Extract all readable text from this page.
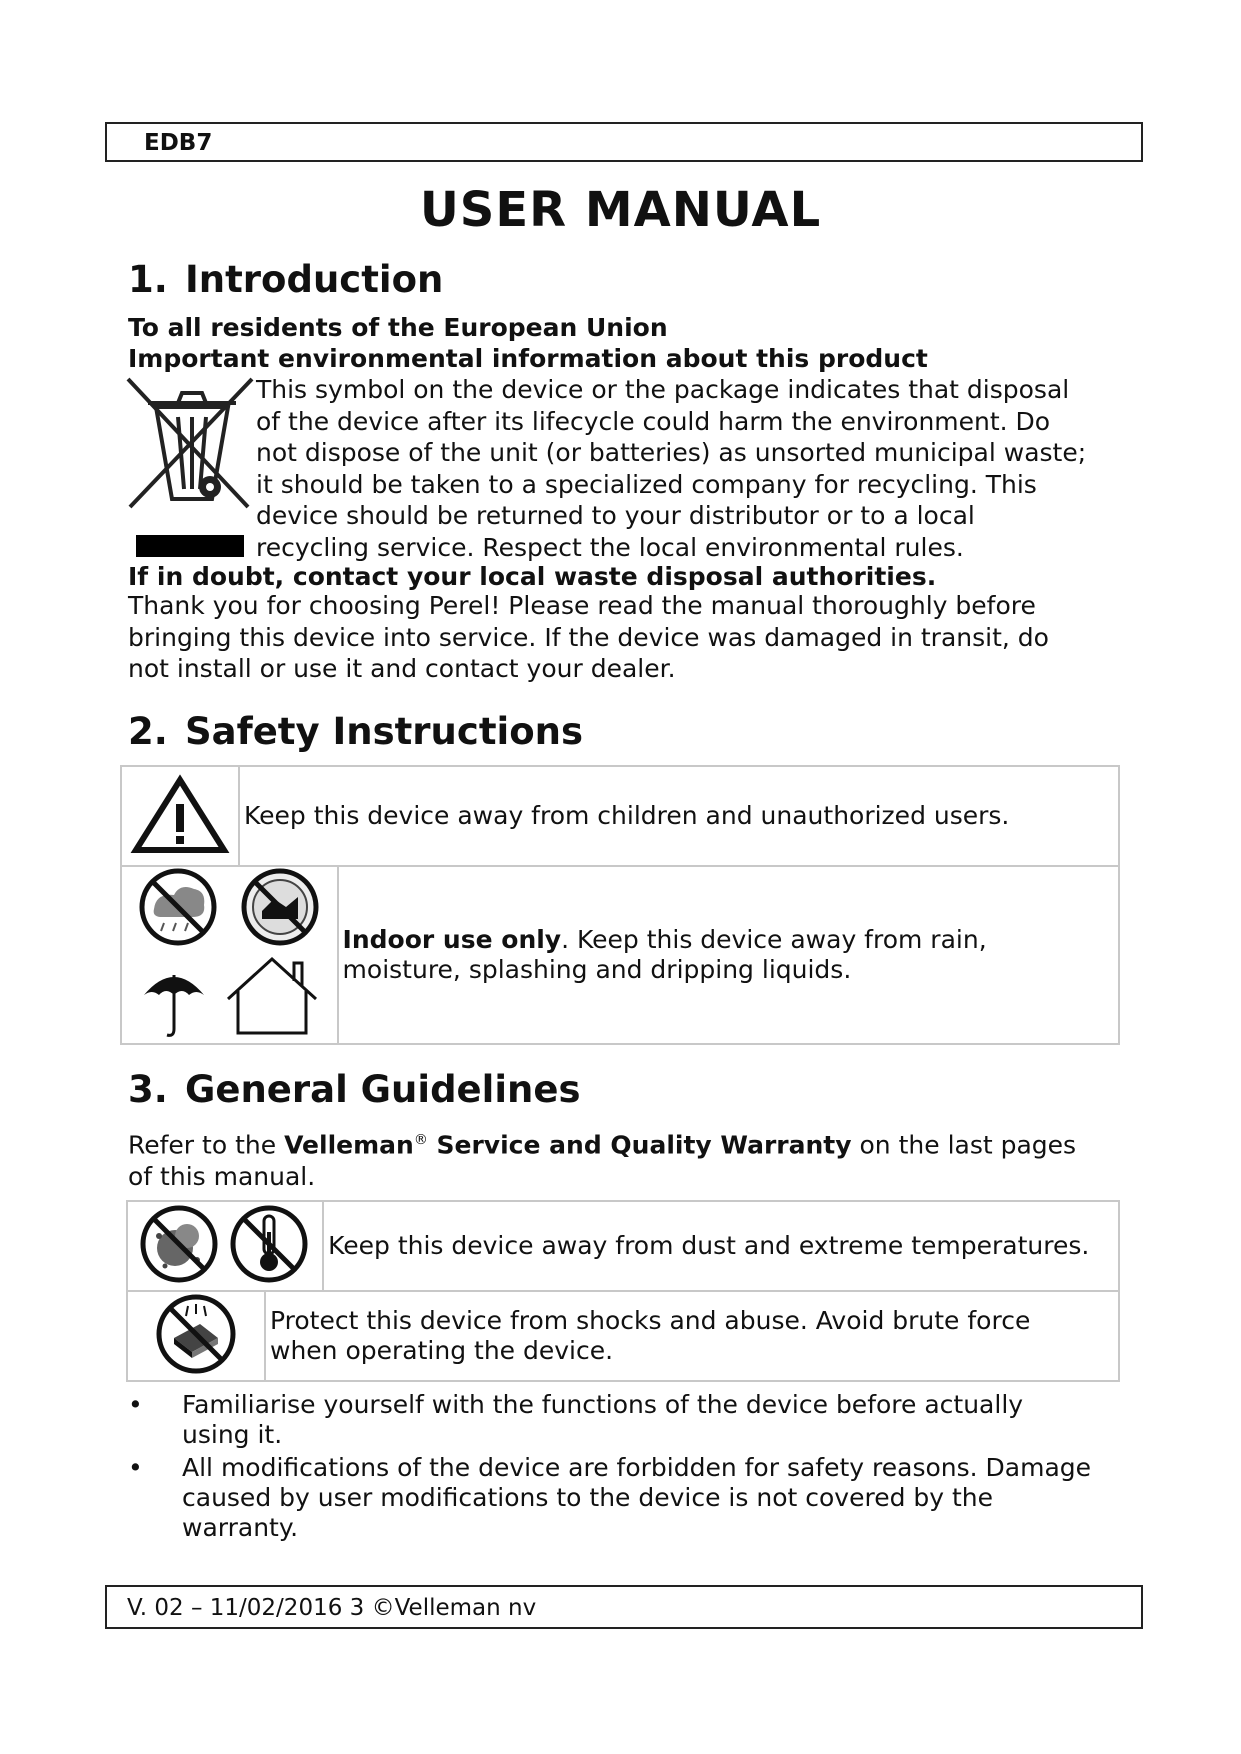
EDB7
USER MANUAL
1. Introduction
To all residents of the European Union
Important environmental information about this product
This symbol on the device or the package indicates that disposal
of the device after its lifecycle could harm the environment. Do
not dispose of the unit (or batteries) as unsorted municipal waste;
it should be taken to a specialized company for recycling. This
device should be returned to your distributor or to a local
recycling service. Respect the local environmental rules.
If in doubt, contact your local waste disposal authorities.
Thank you for choosing Perel! Please read the manual thoroughly before
bringing this device into service. If the device was damaged in transit, do
not install or use it and contact your dealer.
2. Safety Instructions

Keep this device away from children and unauthorized users.	

Indoor use only. Keep this device away from rain,
moisture, splashing and dripping liquids.
3. General Guidelines
Refer to the Velleman® Service and Quality Warranty on the last pages
of this manual.

Keep this device away from dust and extreme temperatures.

Protect this device from shocks and abuse. Avoid brute force
when operating the device.	
• Familiarise yourself with the functions of the device before actually
using it.
• All modifications of the device are forbidden for safety reasons. Damage
caused by user modifications to the device is not covered by the
warranty.
V. 02 – 11/02/2016 3 ©Velleman nv
